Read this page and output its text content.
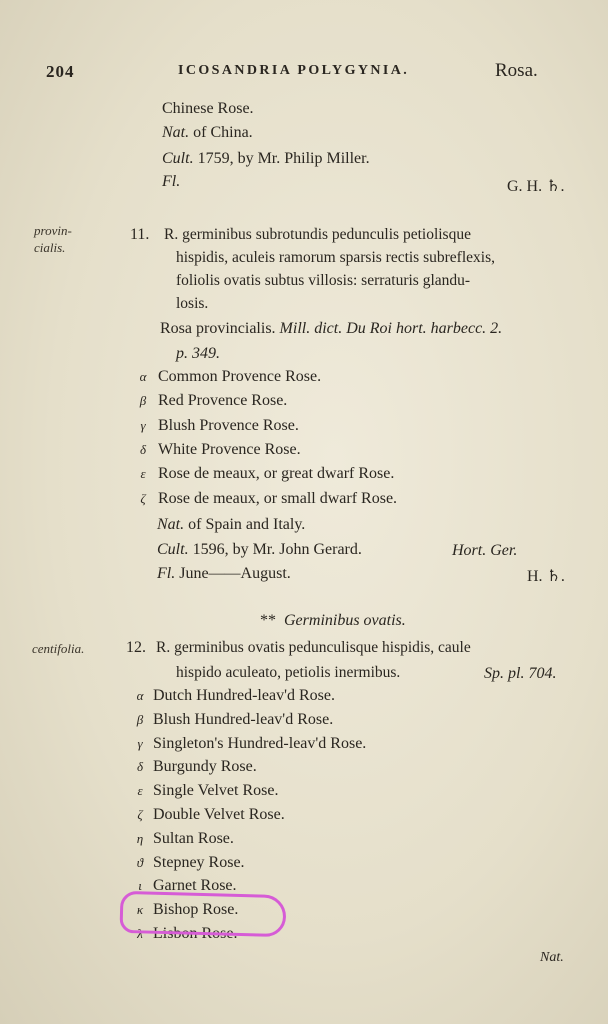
204	ICOSANDRIA POLYGYNIA.	Rosa.
Chinese Rose.
Nat. of China.
Cult. 1759, by Mr. Philip Miller.
Fl.	G. H. ♄.
provin-
cialis.
11. R. germinibus subrotundis pedunculis petiolisque
hispidis, aculeis ramorum sparsis rectis subreflexis,
foliolis ovatis subtus villosis: serraturis glandu-
losis.
Rosa provincialis. Mill. dict. Du Roi hort. harbecc. 2.
p. 349.
α Common Provence Rose.
β Red Provence Rose.
γ Blush Provence Rose.
δ White Provence Rose.
ε Rose de meaux, or great dwarf Rose.
ζ Rose de meaux, or small dwarf Rose.
Nat. of Spain and Italy.
Cult. 1596, by Mr. John Gerard.	Hort. Ger.
Fl. June——August.	H. ♄.
** Germinibus ovatis.
centifolia.	12. R. germinibus ovatis pedunculisque hispidis, caule
hispido aculeato, petiolis inermibus.	Sp. pl. 704.
α Dutch Hundred-leav'd Rose.
β Blush Hundred-leav'd Rose.
γ Singleton's Hundred-leav'd Rose.
δ Burgundy Rose.
ε Single Velvet Rose.
ζ Double Velvet Rose.
η Sultan Rose.
ϑ Stepney Rose.
ι Garnet Rose.
κ Bishop Rose.
λ Lisbon Rose.
Nat.
